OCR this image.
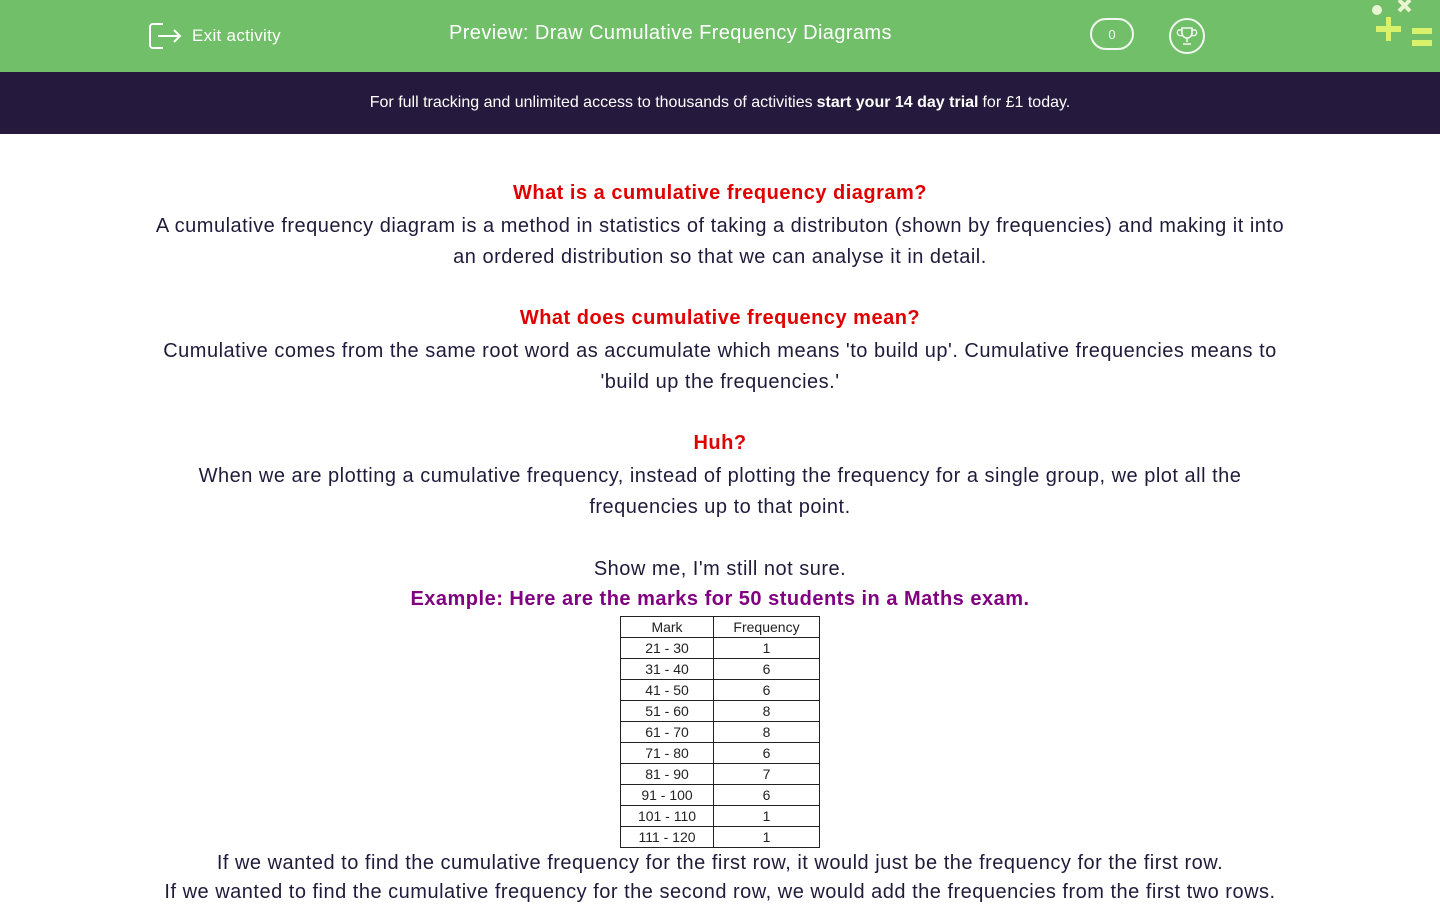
Exit activity	Preview: Draw Cumulative Frequency Diagrams	0
For full tracking and unlimited access to thousands of activities start your 14 day trial for £1 today.
What is a cumulative frequency diagram?
A cumulative frequency diagram is a method in statistics of taking a distributon (shown by frequencies) and making it into an ordered distribution so that we can analyse it in detail.
What does cumulative frequency mean?
Cumulative comes from the same root word as accumulate which means 'to build up'. Cumulative frequencies means to 'build up the frequencies.'
Huh?
When we are plotting a cumulative frequency, instead of plotting the frequency for a single group, we plot all the frequencies up to that point.
Show me, I'm still not sure.
Example: Here are the marks for 50 students in a Maths exam.
Mark	Frequency
21 - 30	1
31 - 40	6
41 - 50	6
51 - 60	8
61 - 70	8
71 - 80	6
81 - 90	7
91 - 100	6
101 - 110	1
111 - 120	1
If we wanted to find the cumulative frequency for the first row, it would just be the frequency for the first row.
If we wanted to find the cumulative frequency for the second row, we would add the frequencies from the first two rows.
